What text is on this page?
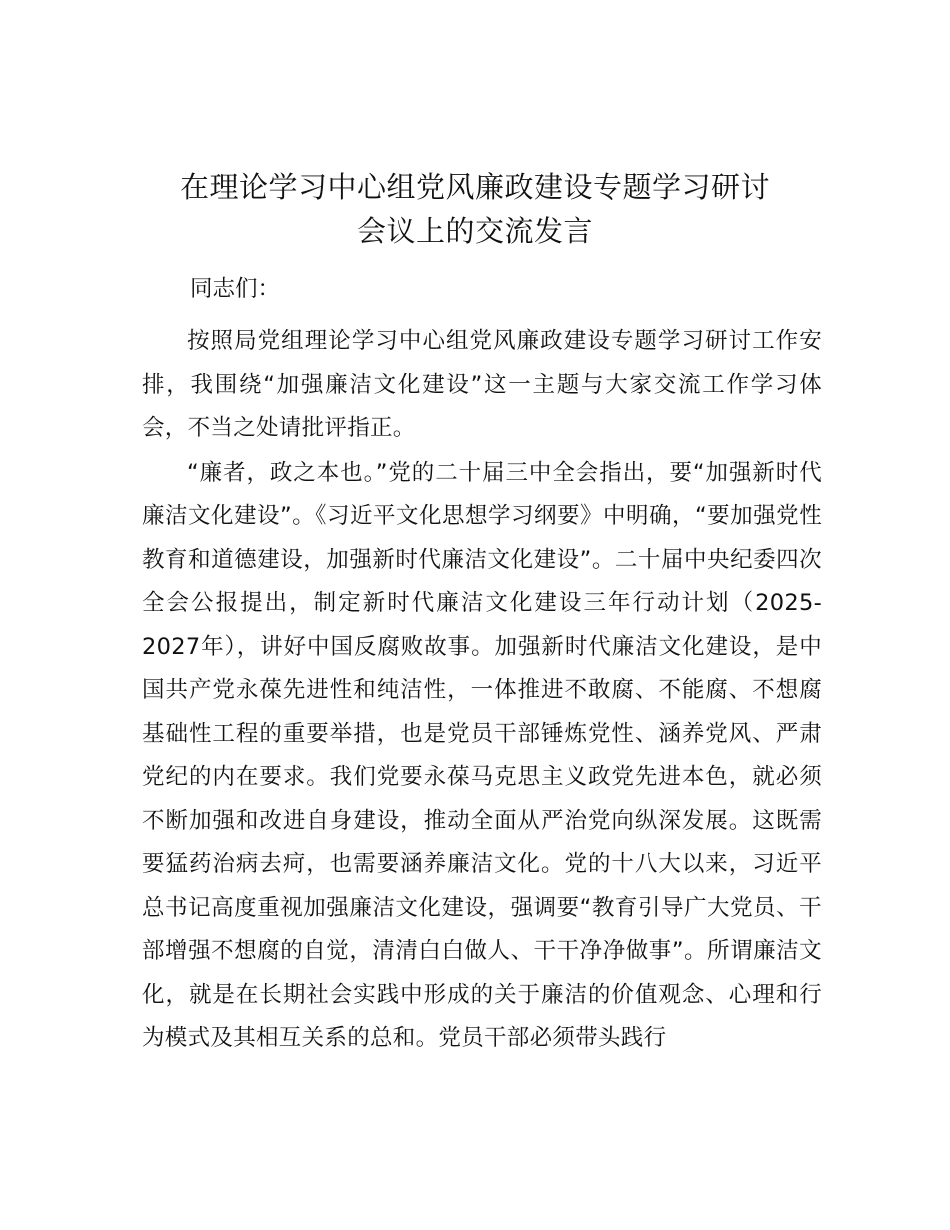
在理论学习中心组党风廉政建设专题学习研讨
会议上的交流发言

同志们：

按照局党组理论学习中心组党风廉政建设专题学习研讨工作安排，我围绕“加强廉洁文化建设”这一主题与大家交流工作学习体会，不当之处请批评指正。

“廉者，政之本也。”党的二十届三中全会指出，要“加强新时代廉洁文化建设”。《习近平文化思想学习纲要》中明确，“要加强党性教育和道德建设，加强新时代廉洁文化建设”。二十届中央纪委四次全会公报提出，制定新时代廉洁文化建设三年行动计划（2025-2027年），讲好中国反腐败故事。加强新时代廉洁文化建设，是中国共产党永葆先进性和纯洁性，一体推进不敢腐、不能腐、不想腐基础性工程的重要举措，也是党员干部锤炼党性、涵养党风、严肃党纪的内在要求。我们党要永葆马克思主义政党先进本色，就必须不断加强和改进自身建设，推动全面从严治党向纵深发展。这既需要猛药治病去疴，也需要涵养廉洁文化。党的十八大以来，习近平总书记高度重视加强廉洁文化建设，强调要“教育引导广大党员、干部增强不想腐的自觉，清清白白做人、干干净净做事”。所谓廉洁文化，就是在长期社会实践中形成的关于廉洁的价值观念、心理和行为模式及其相互关系的总和。党员干部必须带头践行
